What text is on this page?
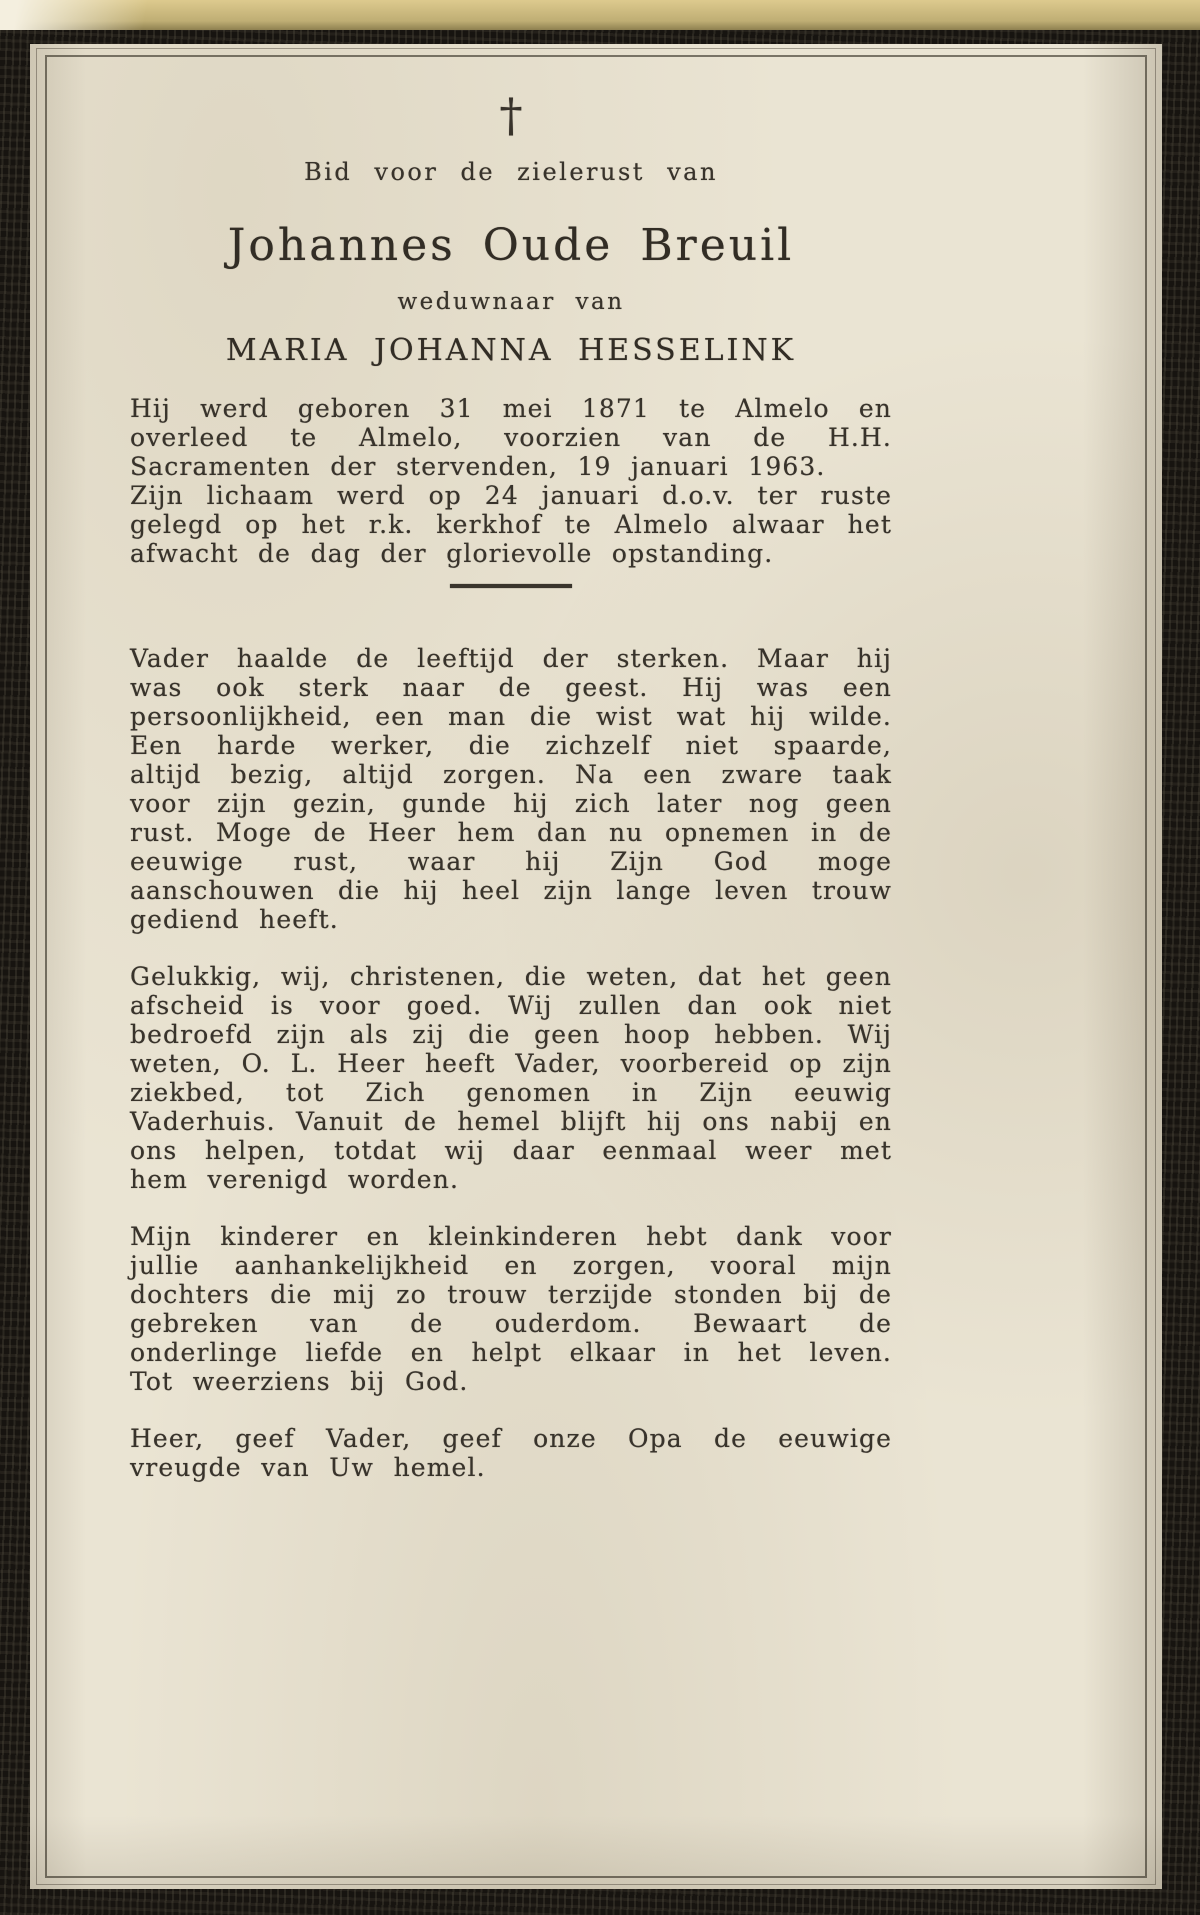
†
Bid voor de zielerust van
Johannes Oude Breuil
weduwnaar van
MARIA JOHANNA HESSELINK

Hij werd geboren 31 mei 1871 te Almelo en overleed te Almelo, voorzien van de H.H. Sacramenten der stervenden, 19 januari 1963.

Zijn lichaam werd op 24 januari d.o.v. ter ruste gelegd op het r.k. kerkhof te Almelo alwaar het afwacht de dag der glorievolle opstanding.

Vader haalde de leeftijd der sterken. Maar hij was ook sterk naar de geest. Hij was een persoonlijkheid, een man die wist wat hij wilde. Een harde werker, die zichzelf niet spaarde, altijd bezig, altijd zorgen. Na een zware taak voor zijn gezin, gunde hij zich later nog geen rust. Moge de Heer hem dan nu opnemen in de eeuwige rust, waar hij Zijn God moge aanschouwen die hij heel zijn lange leven trouw gediend heeft.

Gelukkig, wij, christenen, die weten, dat het geen afscheid is voor goed. Wij zullen dan ook niet bedroefd zijn als zij die geen hoop hebben. Wij weten, O. L. Heer heeft Vader, voorbereid op zijn ziekbed, tot Zich genomen in Zijn eeuwig Vaderhuis. Vanuit de hemel blijft hij ons nabij en ons helpen, totdat wij daar eenmaal weer met hem verenigd worden.

Mijn kinderer en kleinkinderen hebt dank voor jullie aanhankelijkheid en zorgen, vooral mijn dochters die mij zo trouw terzijde stonden bij de gebreken van de ouderdom. Bewaart de onderlinge liefde en helpt elkaar in het leven. Tot weerziens bij God.

Heer, geef Vader, geef onze Opa de eeuwige vreugde van Uw hemel.
